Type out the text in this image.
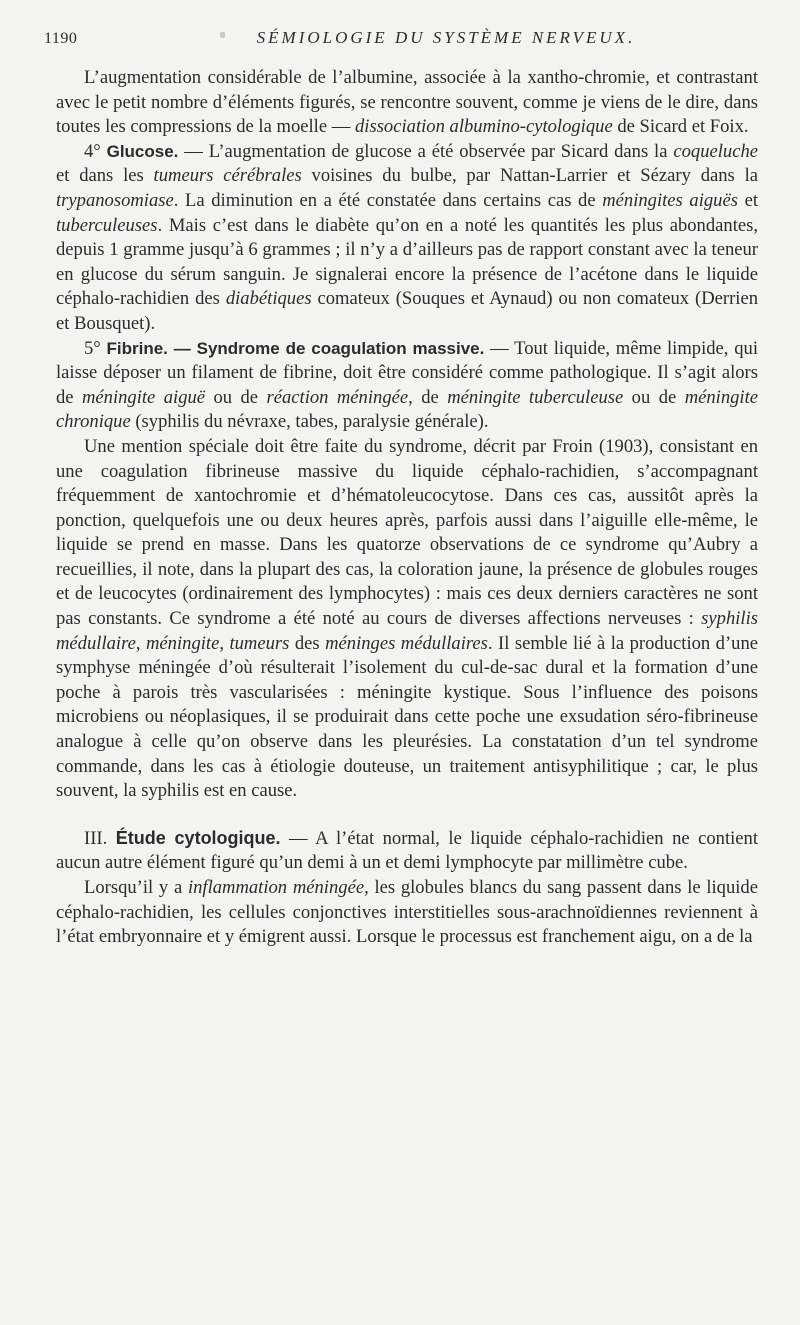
1190	SÉMIOLOGIE DU SYSTÈME NERVEUX.

L’augmentation considérable de l’albumine, associée à la xantho-chromie, et contrastant avec le petit nombre d’éléments figurés, se rencontre souvent, comme je viens de le dire, dans toutes les compressions de la moelle — dissociation albumino-cytologique de Sicard et Foix.

4° Glucose. — L’augmentation de glucose a été observée par Sicard dans la coqueluche et dans les tumeurs cérébrales voisines du bulbe, par Nattan-Larrier et Sézary dans la trypanosomiase. La diminution en a été constatée dans certains cas de méningites aiguës et tuberculeuses. Mais c’est dans le diabète qu’on en a noté les quantités les plus abondantes, depuis 1 gramme jusqu’à 6 grammes ; il n’y a d’ailleurs pas de rapport constant avec la teneur en glucose du sérum sanguin. Je signalerai encore la présence de l’acétone dans le liquide céphalo-rachidien des diabétiques comateux (Souques et Aynaud) ou non comateux (Derrien et Bousquet).

5° Fibrine. — Syndrome de coagulation massive. — Tout liquide, même limpide, qui laisse déposer un filament de fibrine, doit être considéré comme pathologique. Il s’agit alors de méningite aiguë ou de réaction méningée, de méningite tuberculeuse ou de méningite chronique (syphilis du névraxe, tabes, paralysie générale).

Une mention spéciale doit être faite du syndrome, décrit par Froin (1903), consistant en une coagulation fibrineuse massive du liquide céphalo-rachidien, s’accompagnant fréquemment de xantochromie et d’hématoleucocytose. Dans ces cas, aussitôt après la ponction, quelquefois une ou deux heures après, parfois aussi dans l’aiguille elle-même, le liquide se prend en masse. Dans les quatorze observations de ce syndrome qu’Aubry a recueillies, il note, dans la plupart des cas, la coloration jaune, la présence de globules rouges et de leucocytes (ordinairement des lymphocytes) : mais ces deux derniers caractères ne sont pas constants. Ce syndrome a été noté au cours de diverses affections nerveuses : syphilis médullaire, méningite, tumeurs des méninges médullaires. Il semble lié à la production d’une symphyse méningée d’où résulterait l’isolement du cul-de-sac dural et la formation d’une poche à parois très vascularisées : méningite kystique. Sous l’influence des poisons microbiens ou néoplasiques, il se produirait dans cette poche une exsudation séro-fibrineuse analogue à celle qu’on observe dans les pleurésies. La constatation d’un tel syndrome commande, dans les cas à étiologie douteuse, un traitement antisyphilitique ; car, le plus souvent, la syphilis est en cause.

III. Étude cytologique. — A l’état normal, le liquide céphalo-rachidien ne contient aucun autre élément figuré qu’un demi à un et demi lymphocyte par millimètre cube.

Lorsqu’il y a inflammation méningée, les globules blancs du sang passent dans le liquide céphalo-rachidien, les cellules conjonctives interstitielles sous-arachnoïdiennes reviennent à l’état embryonnaire et y émigrent aussi. Lorsque le processus est franchement aigu, on a de la
